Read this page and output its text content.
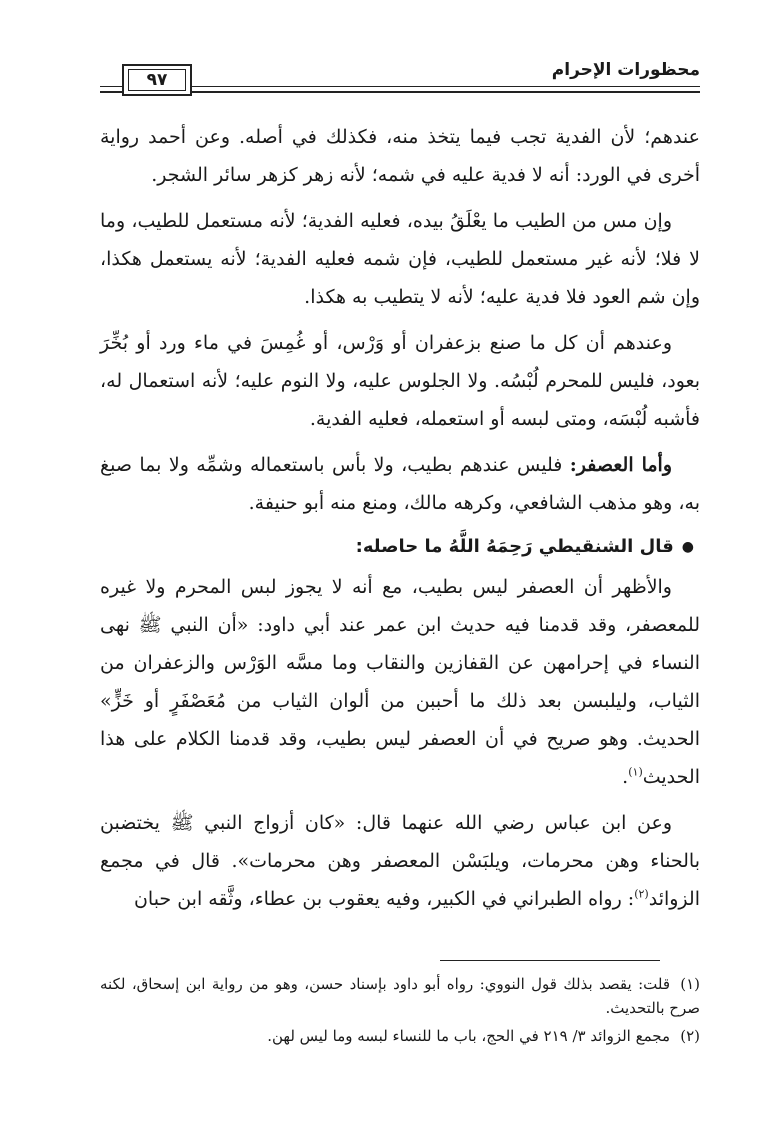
محظورات الإحرام
٩٧

عندهم؛ لأن الفدية تجب فيما يتخذ منه، فكذلك في أصله. وعن أحمد رواية أخرى في الورد: أنه لا فدية عليه في شمه؛ لأنه زهر كزهر سائر الشجر.

وإن مس من الطيب ما يعْلَقُ بيده، فعليه الفدية؛ لأنه مستعمل للطيب، وما لا فلا؛ لأنه غير مستعمل للطيب، فإن شمه فعليه الفدية؛ لأنه يستعمل هكذا، وإن شم العود فلا فدية عليه؛ لأنه لا يتطيب به هكذا.

وعندهم أن كل ما صنع بزعفران أو وَرْس، أو غُمِسَ في ماء ورد أو بُخِّرَ بعود، فليس للمحرم لُبْسُه. ولا الجلوس عليه، ولا النوم عليه؛ لأنه استعمال له، فأشبه لُبْسَه، ومتى لبسه أو استعمله، فعليه الفدية.

وأما العصفر: فليس عندهم بطيب، ولا بأس باستعماله وشمِّه ولا بما صبغ به، وهو مذهب الشافعي، وكرهه مالك، ومنع منه أبو حنيفة.

●قال الشنقيطي رَحِمَهُ اللَّهُ ما حاصله:

والأظهر أن العصفر ليس بطيب، مع أنه لا يجوز لبس المحرم ولا غيره للمعصفر، وقد قدمنا فيه حديث ابن عمر عند أبي داود: «أن النبي ﷺ نهى النساء في إحرامهن عن القفازين والنقاب وما مسَّه الوَرْس والزعفران من الثياب، وليلبسن بعد ذلك ما أحببن من ألوان الثياب من مُعَصْفَرٍ أو خَزٍّ» الحديث. وهو صريح في أن العصفر ليس بطيب، وقد قدمنا الكلام على هذا الحديث$^{(١)}$.

وعن ابن عباس رضي الله عنهما قال: «كان أزواج النبي ﷺ يختضبن بالحناء وهن محرمات، ويلبَسْن المعصفر وهن محرمات». قال في مجمع الزوائد$^{(٢)}$: رواه الطبراني في الكبير، وفيه يعقوب بن عطاء، وثَّقه ابن حبان

(١)قلت: يقصد بذلك قول النووي: رواه أبو داود بإسناد حسن، وهو من رواية ابن إسحاق، لكنه صرح بالتحديث.

(٢)مجمع الزوائد ٣/ ٢١٩ في الحج، باب ما للنساء لبسه وما ليس لهن.
